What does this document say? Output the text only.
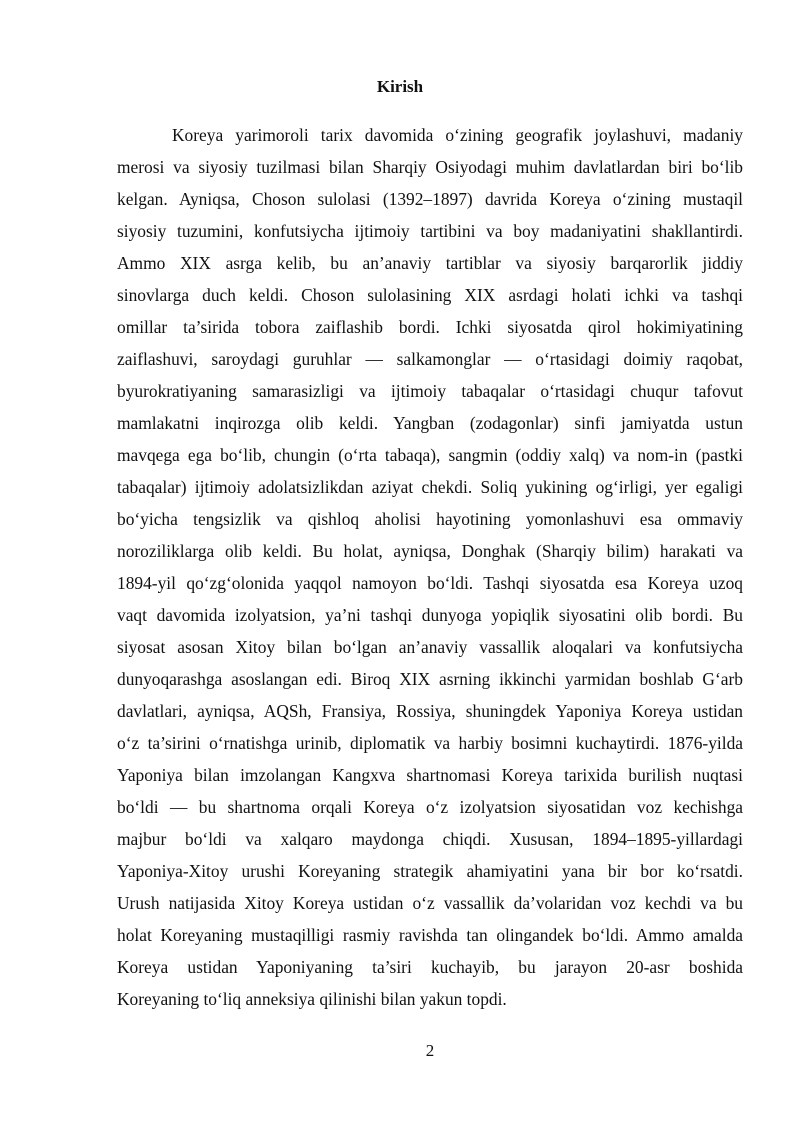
Kirish
Koreya yarimoroli tarix davomida o‘zining geografik joylashuvi, madaniy
merosi va siyosiy tuzilmasi bilan Sharqiy Osiyodagi muhim davlatlardan biri bo‘lib
kelgan. Ayniqsa, Choson sulolasi (1392–1897) davrida Koreya o‘zining mustaqil
siyosiy tuzumini, konfutsiycha ijtimoiy tartibini va boy madaniyatini shakllantirdi.
Ammo XIX asrga kelib, bu an’anaviy tartiblar va siyosiy barqarorlik jiddiy
sinovlarga duch keldi. Choson sulolasining XIX asrdagi holati ichki va tashqi
omillar ta’sirida tobora zaiflashib bordi. Ichki siyosatda qirol hokimiyatining
zaiflashuvi, saroydagi guruhlar — salkamonglar — o‘rtasidagi doimiy raqobat,
byurokratiyaning samarasizligi va ijtimoiy tabaqalar o‘rtasidagi chuqur tafovut
mamlakatni inqirozga olib keldi. Yangban (zodagonlar) sinfi jamiyatda ustun
mavqega ega bo‘lib, chungin (o‘rta tabaqa), sangmin (oddiy xalq) va nom-in (pastki
tabaqalar) ijtimoiy adolatsizlikdan aziyat chekdi. Soliq yukining og‘irligi, yer egaligi
bo‘yicha tengsizlik va qishloq aholisi hayotining yomonlashuvi esa ommaviy
noroziliklarga olib keldi. Bu holat, ayniqsa, Donghak (Sharqiy bilim) harakati va
1894-yil qo‘zg‘olonida yaqqol namoyon bo‘ldi. Tashqi siyosatda esa Koreya uzoq
vaqt davomida izolyatsion, ya’ni tashqi dunyoga yopiqlik siyosatini olib bordi. Bu
siyosat asosan Xitoy bilan bo‘lgan an’anaviy vassallik aloqalari va konfutsiycha
dunyoqarashga asoslangan edi. Biroq XIX asrning ikkinchi yarmidan boshlab G‘arb
davlatlari, ayniqsa, AQSh, Fransiya, Rossiya, shuningdek Yaponiya Koreya ustidan
o‘z ta’sirini o‘rnatishga urinib, diplomatik va harbiy bosimni kuchaytirdi. 1876-yilda
Yaponiya bilan imzolangan Kangxva shartnomasi Koreya tarixida burilish nuqtasi
bo‘ldi — bu shartnoma orqali Koreya o‘z izolyatsion siyosatidan voz kechishga
majbur bo‘ldi va xalqaro maydonga chiqdi. Xususan, 1894–1895-yillardagi
Yaponiya-Xitoy urushi Koreyaning strategik ahamiyatini yana bir bor ko‘rsatdi.
Urush natijasida Xitoy Koreya ustidan o‘z vassallik da’volaridan voz kechdi va bu
holat Koreyaning mustaqilligi rasmiy ravishda tan olingandek bo‘ldi. Ammo amalda
Koreya ustidan Yaponiyaning ta’siri kuchayib, bu jarayon 20-asr boshida
Koreyaning to‘liq anneksiya qilinishi bilan yakun topdi.
2
